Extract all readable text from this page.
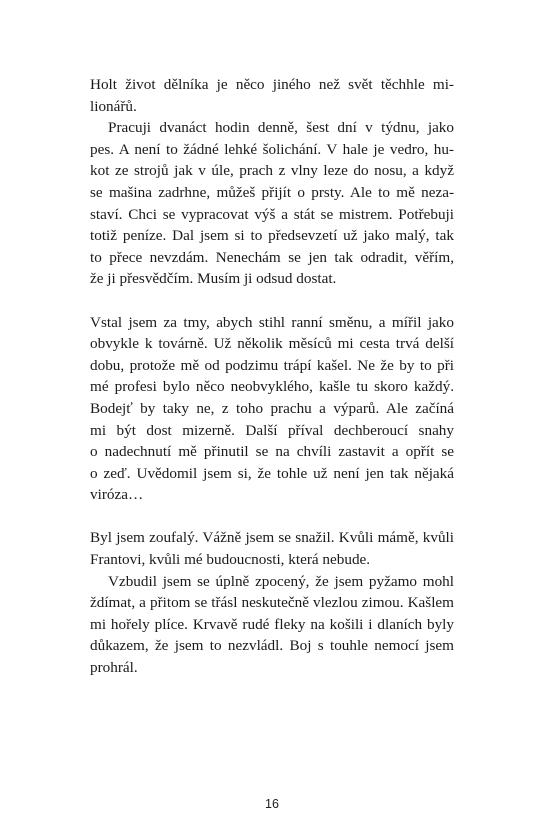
Holt život dělníka je něco jiného než svět těchhle mi-
lionářů.

Pracuji dvanáct hodin denně, šest dní v týdnu, jako
pes. A není to žádné lehké šolichání. V hale je vedro, hu-
kot ze strojů jak v úle, prach z vlny leze do nosu, a když
se mašina zadrhne, můžeš přijít o prsty. Ale to mě neza-
staví. Chci se vypracovat výš a stát se mistrem. Potřebuji
totiž peníze. Dal jsem si to předsevzetí už jako malý, tak
to přece nevzdám. Nenechám se jen tak odradit, věřím,
že ji přesvědčím. Musím ji odsud dostat.

Vstal jsem za tmy, abych stihl ranní směnu, a mířil jako
obvykle k továrně. Už několik měsíců mi cesta trvá delší
dobu, protože mě od podzimu trápí kašel. Ne že by to při
mé profesi bylo něco neobvyklého, kašle tu skoro každý.
Bodejť by taky ne, z toho prachu a výparů. Ale začíná
mi být dost mizerně. Další příval dechberoucí snahy
o nadechnutí mě přinutil se na chvíli zastavit a opřít se
o zeď. Uvědomil jsem si, že tohle už není jen tak nějaká
viróza…

Byl jsem zoufalý. Vážně jsem se snažil. Kvůli mámě, kvůli
Frantovi, kvůli mé budoucnosti, která nebude.

Vzbudil jsem se úplně zpocený, že jsem pyžamo mohl
ždímat, a přitom se třásl neskutečně vlezlou zimou. Kašlem
mi hořely plíce. Krvavě rudé fleky na košili i dlaních byly
důkazem, že jsem to nezvládl. Boj s touhle nemocí jsem
prohrál.

16
